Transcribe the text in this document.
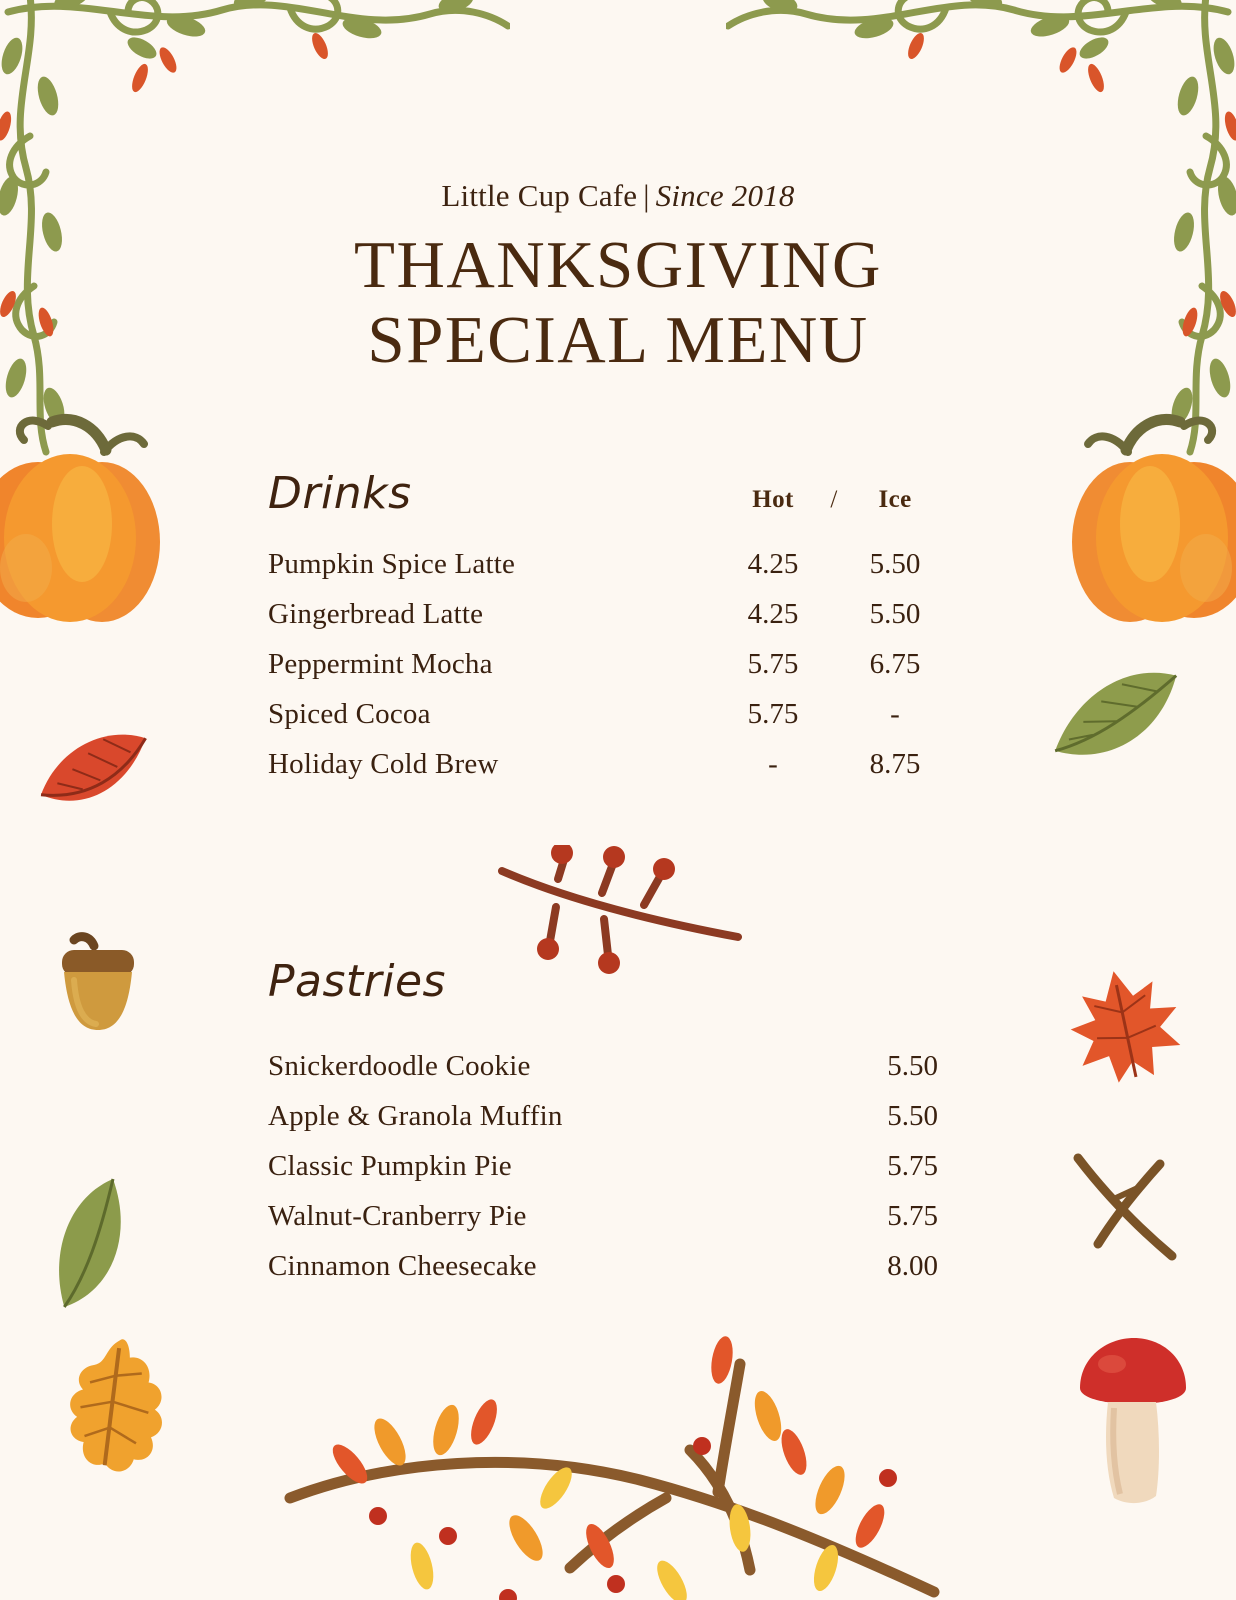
Little Cup Cafe | Since 2018
THANKSGIVING
SPECIAL MENU
Drinks	Hot	/	Ice
Pumpkin Spice Latte	4.25	5.50
Gingerbread Latte	4.25	5.50
Peppermint Mocha	5.75	6.75
Spiced Cocoa	5.75	-
Holiday Cold Brew	-	8.75
Pastries
Snickerdoodle Cookie	5.50
Apple & Granola Muffin	5.50
Classic Pumpkin Pie	5.75
Walnut-Cranberry Pie	5.75
Cinnamon Cheesecake	8.00
